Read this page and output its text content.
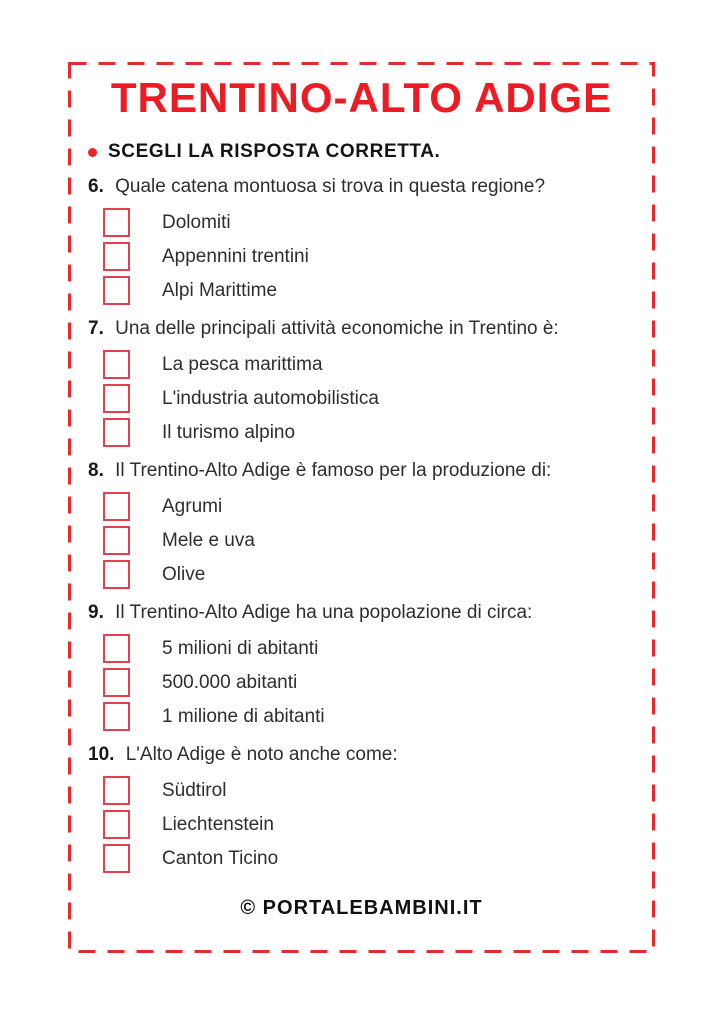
TRENTINO-ALTO ADIGE
SCEGLI LA RISPOSTA CORRETTA.

6. Quale catena montuosa si trova in questa regione?

Dolomiti
Appennini trentini
Alpi Marittime

7. Una delle principali attività economiche in Trentino è:

La pesca marittima
L'industria automobilistica
Il turismo alpino

8. Il Trentino-Alto Adige è famoso per la produzione di:

Agrumi
Mele e uva
Olive

9. Il Trentino-Alto Adige ha una popolazione di circa:

5 milioni di abitanti
500.000 abitanti
1 milione di abitanti

10. L'Alto Adige è noto anche come:

Südtirol
Liechtenstein
Canton Ticino
© PORTALEBAMBINI.IT
